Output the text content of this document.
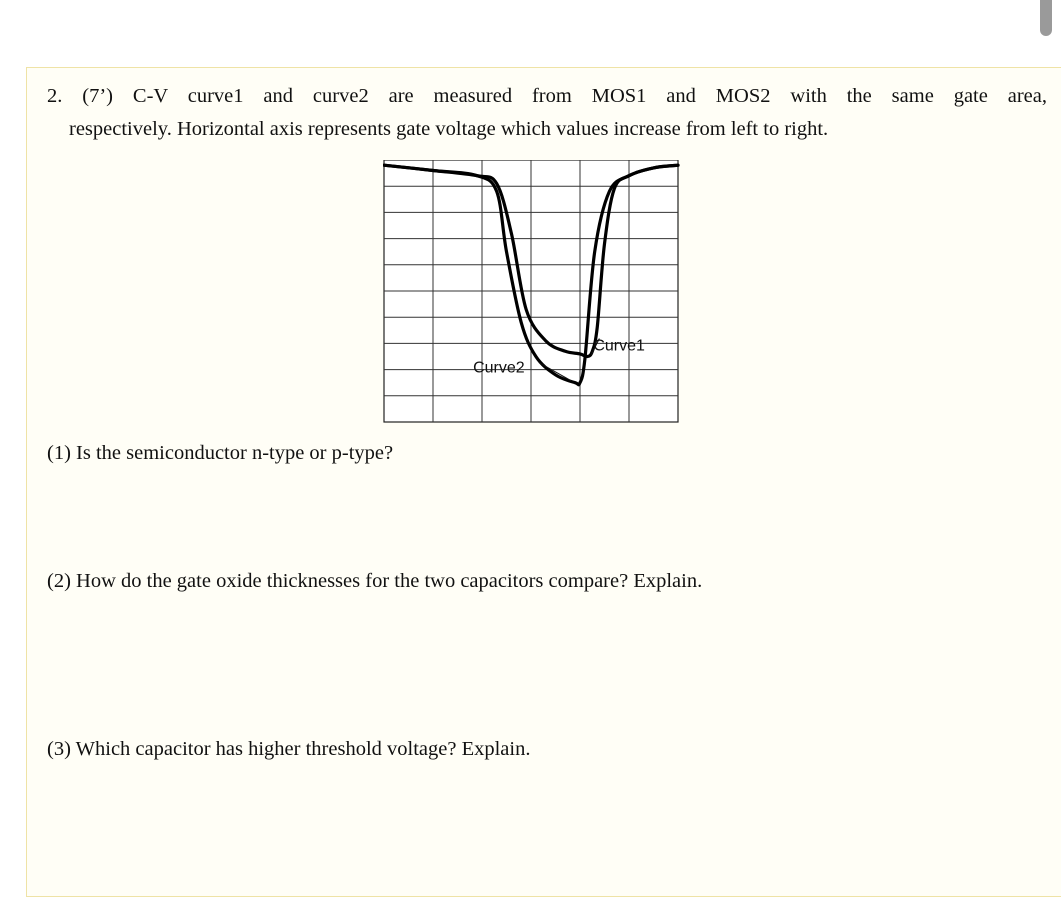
2. (7’) C-V curve1 and curve2 are measured from MOS1 and MOS2 with the same gate area,
respectively. Horizontal axis represents gate voltage which values increase from left to right.
Curve1
Curve2
(1) Is the semiconductor n-type or p-type?
(2) How do the gate oxide thicknesses for the two capacitors compare? Explain.
(3) Which capacitor has higher threshold voltage? Explain.
